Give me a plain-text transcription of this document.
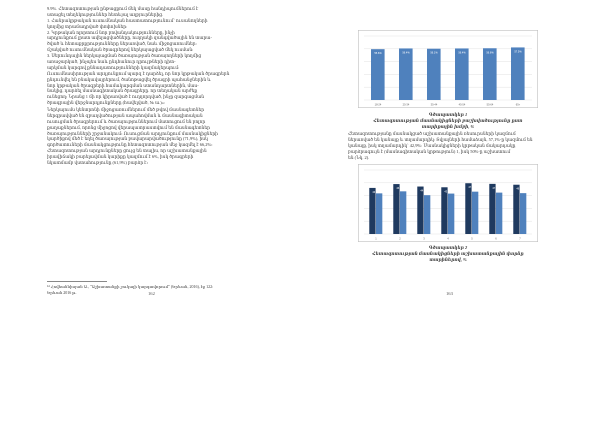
9.9%. Հետազոտության ընթացքում մեկ մասը հանդիպումներում է
ստացել տեղեկություններ հետևյալ աղբյուրներից.
1. Հանրակրթական ուսումնական հաստատությունում` ուսանողների
կողմից տրամադրված փոփոխներ:
2. Կրթական ոլորտում նոր բովանդակությունները, ինչի
արդյունքում լրատ ավելացվածները, ուղղակի զանգվածային են տարա-
ծված և հետաքրքրությունները ներառված, նաև միջոցառումներ:
մշակված ուսումնական ծրագրերով ներկայացված մեկ ուսման:
3. Սերունդային ներկայացման ծառայության ծառայողների կողմից
առաջարկած, ինչպես նաև ընդհանուր դրույթների դիտ-
արկման կարգով քննադատությունների կազմակերպում:
Ուսումնասիրության արդյունքում պարզ է դարձել, որ նոր կրթական ծրագրերն
ընդունվել են բնակավայրերում, ծանոթացվել ծրագրի պահանջներին և
նոր կրթական ծրագրերի համակարգման ստանդարտներին, մաս-
նակից, դարձել մասնագիտական ծրագրերը. որ տեղական արժեք
ունեցող։ Նրանց 1 մի որ կիրառված է ուղղորդված, ինչը զարգացման
ծրագրային վերջնարդյունքները (հավելված, № ա.)»:
Ներկայումս կենտրոնի միջոցառումներում մեծ թվով մասնագետներ
ներգրավված են զբաղվածության ապահովման և մասնագիտական
ուսուցման ծրագրերում և ծառայություններում մատուցում են բոլոր
քաղաքներում, որոնց միջոցով վերապատրաստվում են մասնագետներ
ծառայությունների շրջանակում։ Ուսուցման արդյունքում մասնակիցների
կարծիքով մեծ է եղել ծառայության բավարարվածությունը (71,9%), իսկ
գործատուների մասնակցությունը հետազոտության մեջ կազմել է 66,2%։
Հետազոտության արդյունքները ցույց են տալիս, որ աշխատանքային
իրավիճակի բարելավման կարիքը կազմում է 6%, իսկ ծրագրերի
նկատմամբ վստահությունը (61,9%) բարձր է։
¹⁴ Հովհաննիսյան Ա., "Աշխատանքի շուկայի կարգավորում" (Երևան, 2016), էջ 122:
Երևան 2016 թ.	162
55.6%
18-24
56.4%
25-34
56.1%
35-44
56.4%
45-54
56.6%
55-64
57.5%
65+
Գծապատկեր 1
Հետազոտության մասնակիցների բաշխվածությունը ըստ
տարիքային խմբի, %
Հետազոտությանը մասնակցած աշխատանքային ռեսուրսների կազմում
ներառված են կանայք և տղամարդիկ: Տվյալների համաձայն, 57,1%-ը կազմում են
կանայք, իսկ տղամարդիկ` 42,9%: Մասնակիցների կրթական մակարդակը
բարձրագույն է (մասնագիտական կրթություն) 1, իսկ 50%-ը աշխատում
են (Նկ. 2).
43.2%
1
46.8%
2
44.5%
3
43.8%
4
47.6%
5
47.0%
6
46.2%
7
Գծապատկեր 2
Հետազոտության մասնակիցների աշխատանքային փորձը
տարիներով, %
163
